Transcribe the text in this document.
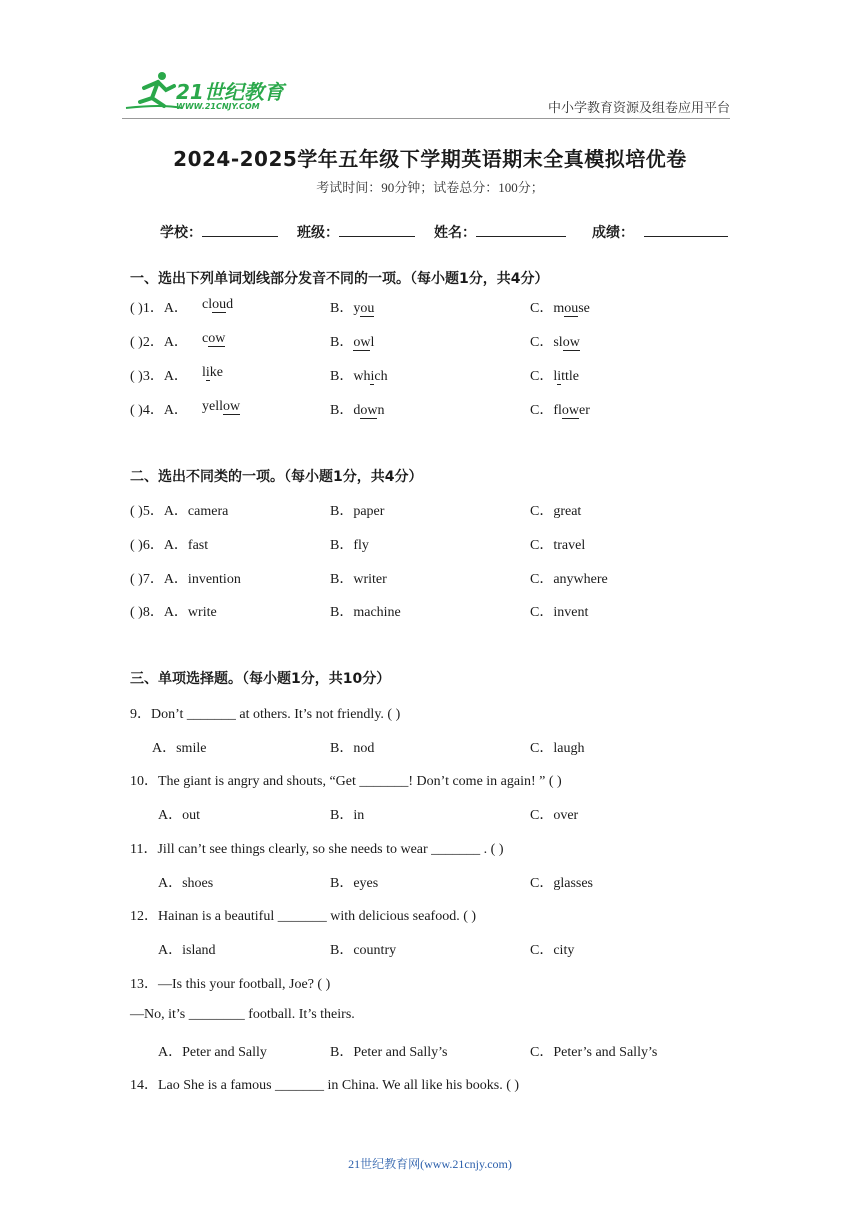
21世纪教育
WWW.21CNJY.COM	中小学教育资源及组卷应用平台
2024-2025学年五年级下学期英语期末全真模拟培优卷
考试时间：90分钟；试卷总分：100分；
学校：	班级：	姓名：	成绩：
一、选出下列单词划线部分发音不同的一项。（每小题1分，共4分）
( )1．A． cloud	B．you	C．mouse
( )2．A． cow	B．owl	C．slow
( )3．A． like	B．which	C．little
( )4．A． yellow	B．down	C．flower
二、选出不同类的一项。（每小题1分，共4分）
( )5．A．camera	B．paper	C．great
( )6．A．fast	B．fly	C．travel
( )7．A．invention	B．writer	C．anywhere
( )8．A．write	B．machine	C．invent
三、单项选择题。（每小题1分，共10分）
9．Don’t _______ at others. It’s not friendly. ( )
A．smile	B．nod	C．laugh
10．The giant is angry and shouts, “Get _______! Don’t come in again! ” ( )
A．out	B．in	C．over
11．Jill can’t see things clearly, so she needs to wear _______ . ( )
A．shoes	B．eyes	C．glasses
12．Hainan is a beautiful _______ with delicious seafood. ( )
A．island	B．country	C．city
13．—Is this your football, Joe? ( )
—No, it’s ________ football. It’s theirs.
A．Peter and Sally	B．Peter and Sally’s	C．Peter’s and Sally’s
14．Lao She is a famous _______ in China. We all like his books. ( )
21世纪教育网(www.21cnjy.com)
